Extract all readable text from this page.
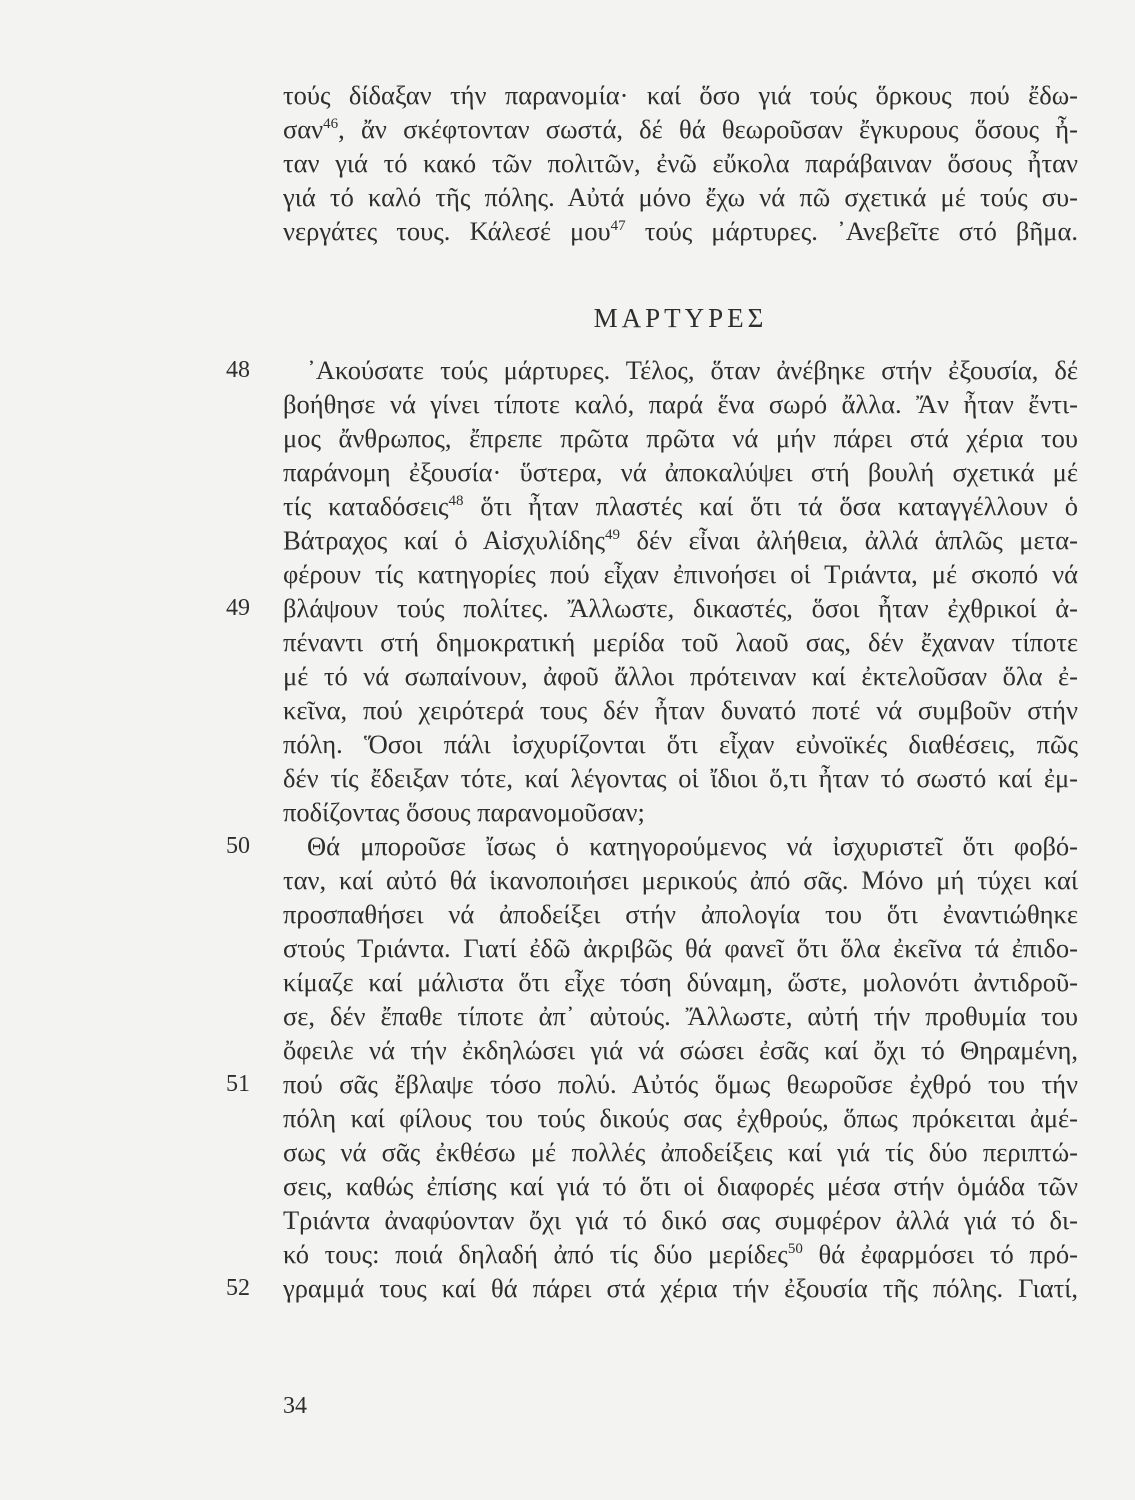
τούς δίδαξαν τήν παρανομία· καί ὅσο γιά τούς ὅρκους πού ἔδω-
σαν$^{46}$, ἄν σκέφτονταν σωστά, δέ θά θεωροῦσαν ἔγκυρους ὅσους ἦ-
ταν γιά τό κακό τῶν πολιτῶν, ἐνῶ εὔκολα παράβαιναν ὅσους ἦταν
γιά τό καλό τῆς πόλης. Αὐτά μόνο ἔχω νά πῶ σχετικά μέ τούς συ-
νεργάτες τους. Κάλεσέ μου$^{47}$ τούς μάρτυρες. ᾿Ανεβεῖτε στό βῆμα.
ΜΑΡΤΥΡΕΣ
᾿Ακούσατε τούς μάρτυρες. Τέλος, ὅταν ἀνέβηκε στήν ἐξουσία, δέ
βοήθησε νά γίνει τίποτε καλό, παρά ἕνα σωρό ἄλλα. Ἄν ἦταν ἔντι-
μος ἄνθρωπος, ἔπρεπε πρῶτα πρῶτα νά μήν πάρει στά χέρια του
παράνομη ἐξουσία· ὕστερα, νά ἀποκαλύψει στή βουλή σχετικά μέ
τίς καταδόσεις$^{48}$ ὅτι ἦταν πλαστές καί ὅτι τά ὅσα καταγγέλλουν ὁ
Βάτραχος καί ὁ Αἰσχυλίδης$^{49}$ δέν εἶναι ἀλήθεια, ἀλλά ἁπλῶς μετα-
φέρουν τίς κατηγορίες πού εἶχαν ἐπινοήσει οἱ Τριάντα, μέ σκοπό νά
βλάψουν τούς πολίτες. Ἄλλωστε, δικαστές, ὅσοι ἦταν ἐχθρικοί ἀ-
πέναντι στή δημοκρατική μερίδα τοῦ λαοῦ σας, δέν ἔχαναν τίποτε
μέ τό νά σωπαίνουν, ἀφοῦ ἄλλοι πρότειναν καί ἐκτελοῦσαν ὅλα ἐ-
κεῖνα, πού χειρότερά τους δέν ἦταν δυνατό ποτέ νά συμβοῦν στήν
πόλη. Ὅσοι πάλι ἰσχυρίζονται ὅτι εἶχαν εὐνοϊκές διαθέσεις, πῶς
δέν τίς ἔδειξαν τότε, καί λέγοντας οἱ ἴδιοι ὅ,τι ἦταν τό σωστό καί ἐμ-
ποδίζοντας ὅσους παρανομοῦσαν;
Θά μποροῦσε ἴσως ὁ κατηγορούμενος νά ἰσχυριστεῖ ὅτι φοβό-
ταν, καί αὐτό θά ἱκανοποιήσει μερικούς ἀπό σᾶς. Μόνο μή τύχει καί
προσπαθήσει νά ἀποδείξει στήν ἀπολογία του ὅτι ἐναντιώθηκε
στούς Τριάντα. Γιατί ἐδῶ ἀκριβῶς θά φανεῖ ὅτι ὅλα ἐκεῖνα τά ἐπιδο-
κίμαζε καί μάλιστα ὅτι εἶχε τόση δύναμη, ὥστε, μολονότι ἀντιδροῦ-
σε, δέν ἔπαθε τίποτε ἀπ᾿ αὐτούς. Ἄλλωστε, αὐτή τήν προθυμία του
ὄφειλε νά τήν ἐκδηλώσει γιά νά σώσει ἐσᾶς καί ὄχι τό Θηραμένη,
πού σᾶς ἔβλαψε τόσο πολύ. Αὐτός ὅμως θεωροῦσε ἐχθρό του τήν
πόλη καί φίλους του τούς δικούς σας ἐχθρούς, ὅπως πρόκειται ἀμέ-
σως νά σᾶς ἐκθέσω μέ πολλές ἀποδείξεις καί γιά τίς δύο περιπτώ-
σεις, καθώς ἐπίσης καί γιά τό ὅτι οἱ διαφορές μέσα στήν ὁμάδα τῶν
Τριάντα ἀναφύονταν ὄχι γιά τό δικό σας συμφέρον ἀλλά γιά τό δι-
κό τους: ποιά δηλαδή ἀπό τίς δύο μερίδες$^{50}$ θά ἐφαρμόσει τό πρό-
γραμμά τους καί θά πάρει στά χέρια τήν ἐξουσία τῆς πόλης. Γιατί,
48
49
50
51
52
34
